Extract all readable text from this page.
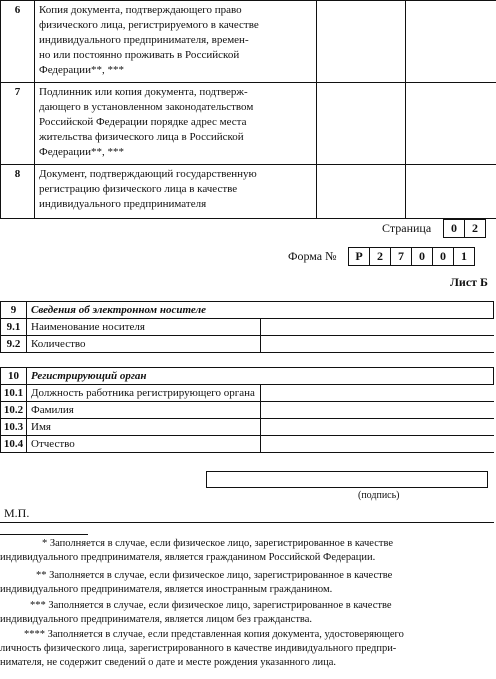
6	Копия документа, подтверждающего право
физического лица, регистрируемого в качестве
индивидуального предпринимателя, времен-
но или постоянно проживать в Российской
Федерации**, ***		

7	Подлинник или копия документа, подтверж-
дающего в установленном законодательством
Российской Федерации порядке адрес места
жительства физического лица в Российской
Федерации**, ***		

8	Документ, подтверждающий государственную
регистрацию физического лица в качестве
индивидуального предпринимателя		

Страница	0	2
Форма №	Р	2	7	0	0	1
Лист Б
9	Сведения об электронном носителе	
9.1	Наименование носителя	
9.2	Количество	
10	Регистрирующий орган	
10.1	Должность работника регистрирующего органа	
10.2	Фамилия	
10.3	Имя	
10.4	Отчество	
(подпись)
М.П.
* Заполняется в случае, если физическое лицо, зарегистрированное в качестве
индивидуального предпринимателя, является гражданином Российской Федерации.
** Заполняется в случае, если физическое лицо, зарегистрированное в качестве
индивидуального предпринимателя, является иностранным гражданином.
*** Заполняется в случае, если физическое лицо, зарегистрированное в качестве
индивидуального предпринимателя, является лицом без гражданства.
**** Заполняется в случае, если представленная копия документа, удостоверяющего
личность физического лица, зарегистрированного в качестве индивидуального предпри-
нимателя, не содержит сведений о дате и месте рождения указанного лица.
